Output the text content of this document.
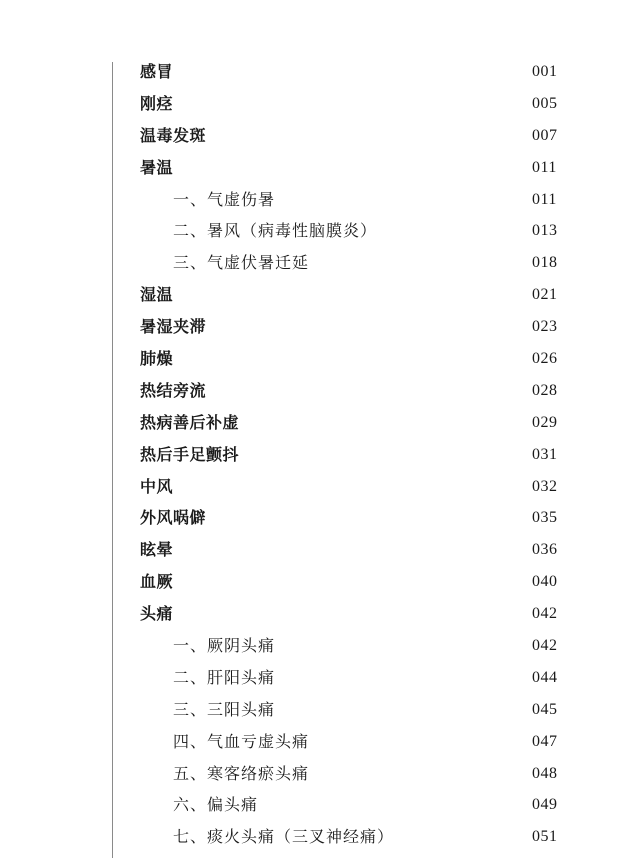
感冒	001
刚痉	005
温毒发斑	007
暑温	011
一、气虚伤暑	011
二、暑风（病毒性脑膜炎）	013
三、气虚伏暑迁延	018
湿温	021
暑湿夹滞	023
肺燥	026
热结旁流	028
热病善后补虚	029
热后手足颤抖	031
中风	032
外风㖞僻	035
眩晕	036
血厥	040
头痛	042
一、厥阴头痛	042
二、肝阳头痛	044
三、三阳头痛	045
四、气血亏虚头痛	047
五、寒客络瘀头痛	048
六、偏头痛	049
七、痰火头痛（三叉神经痛）	051
